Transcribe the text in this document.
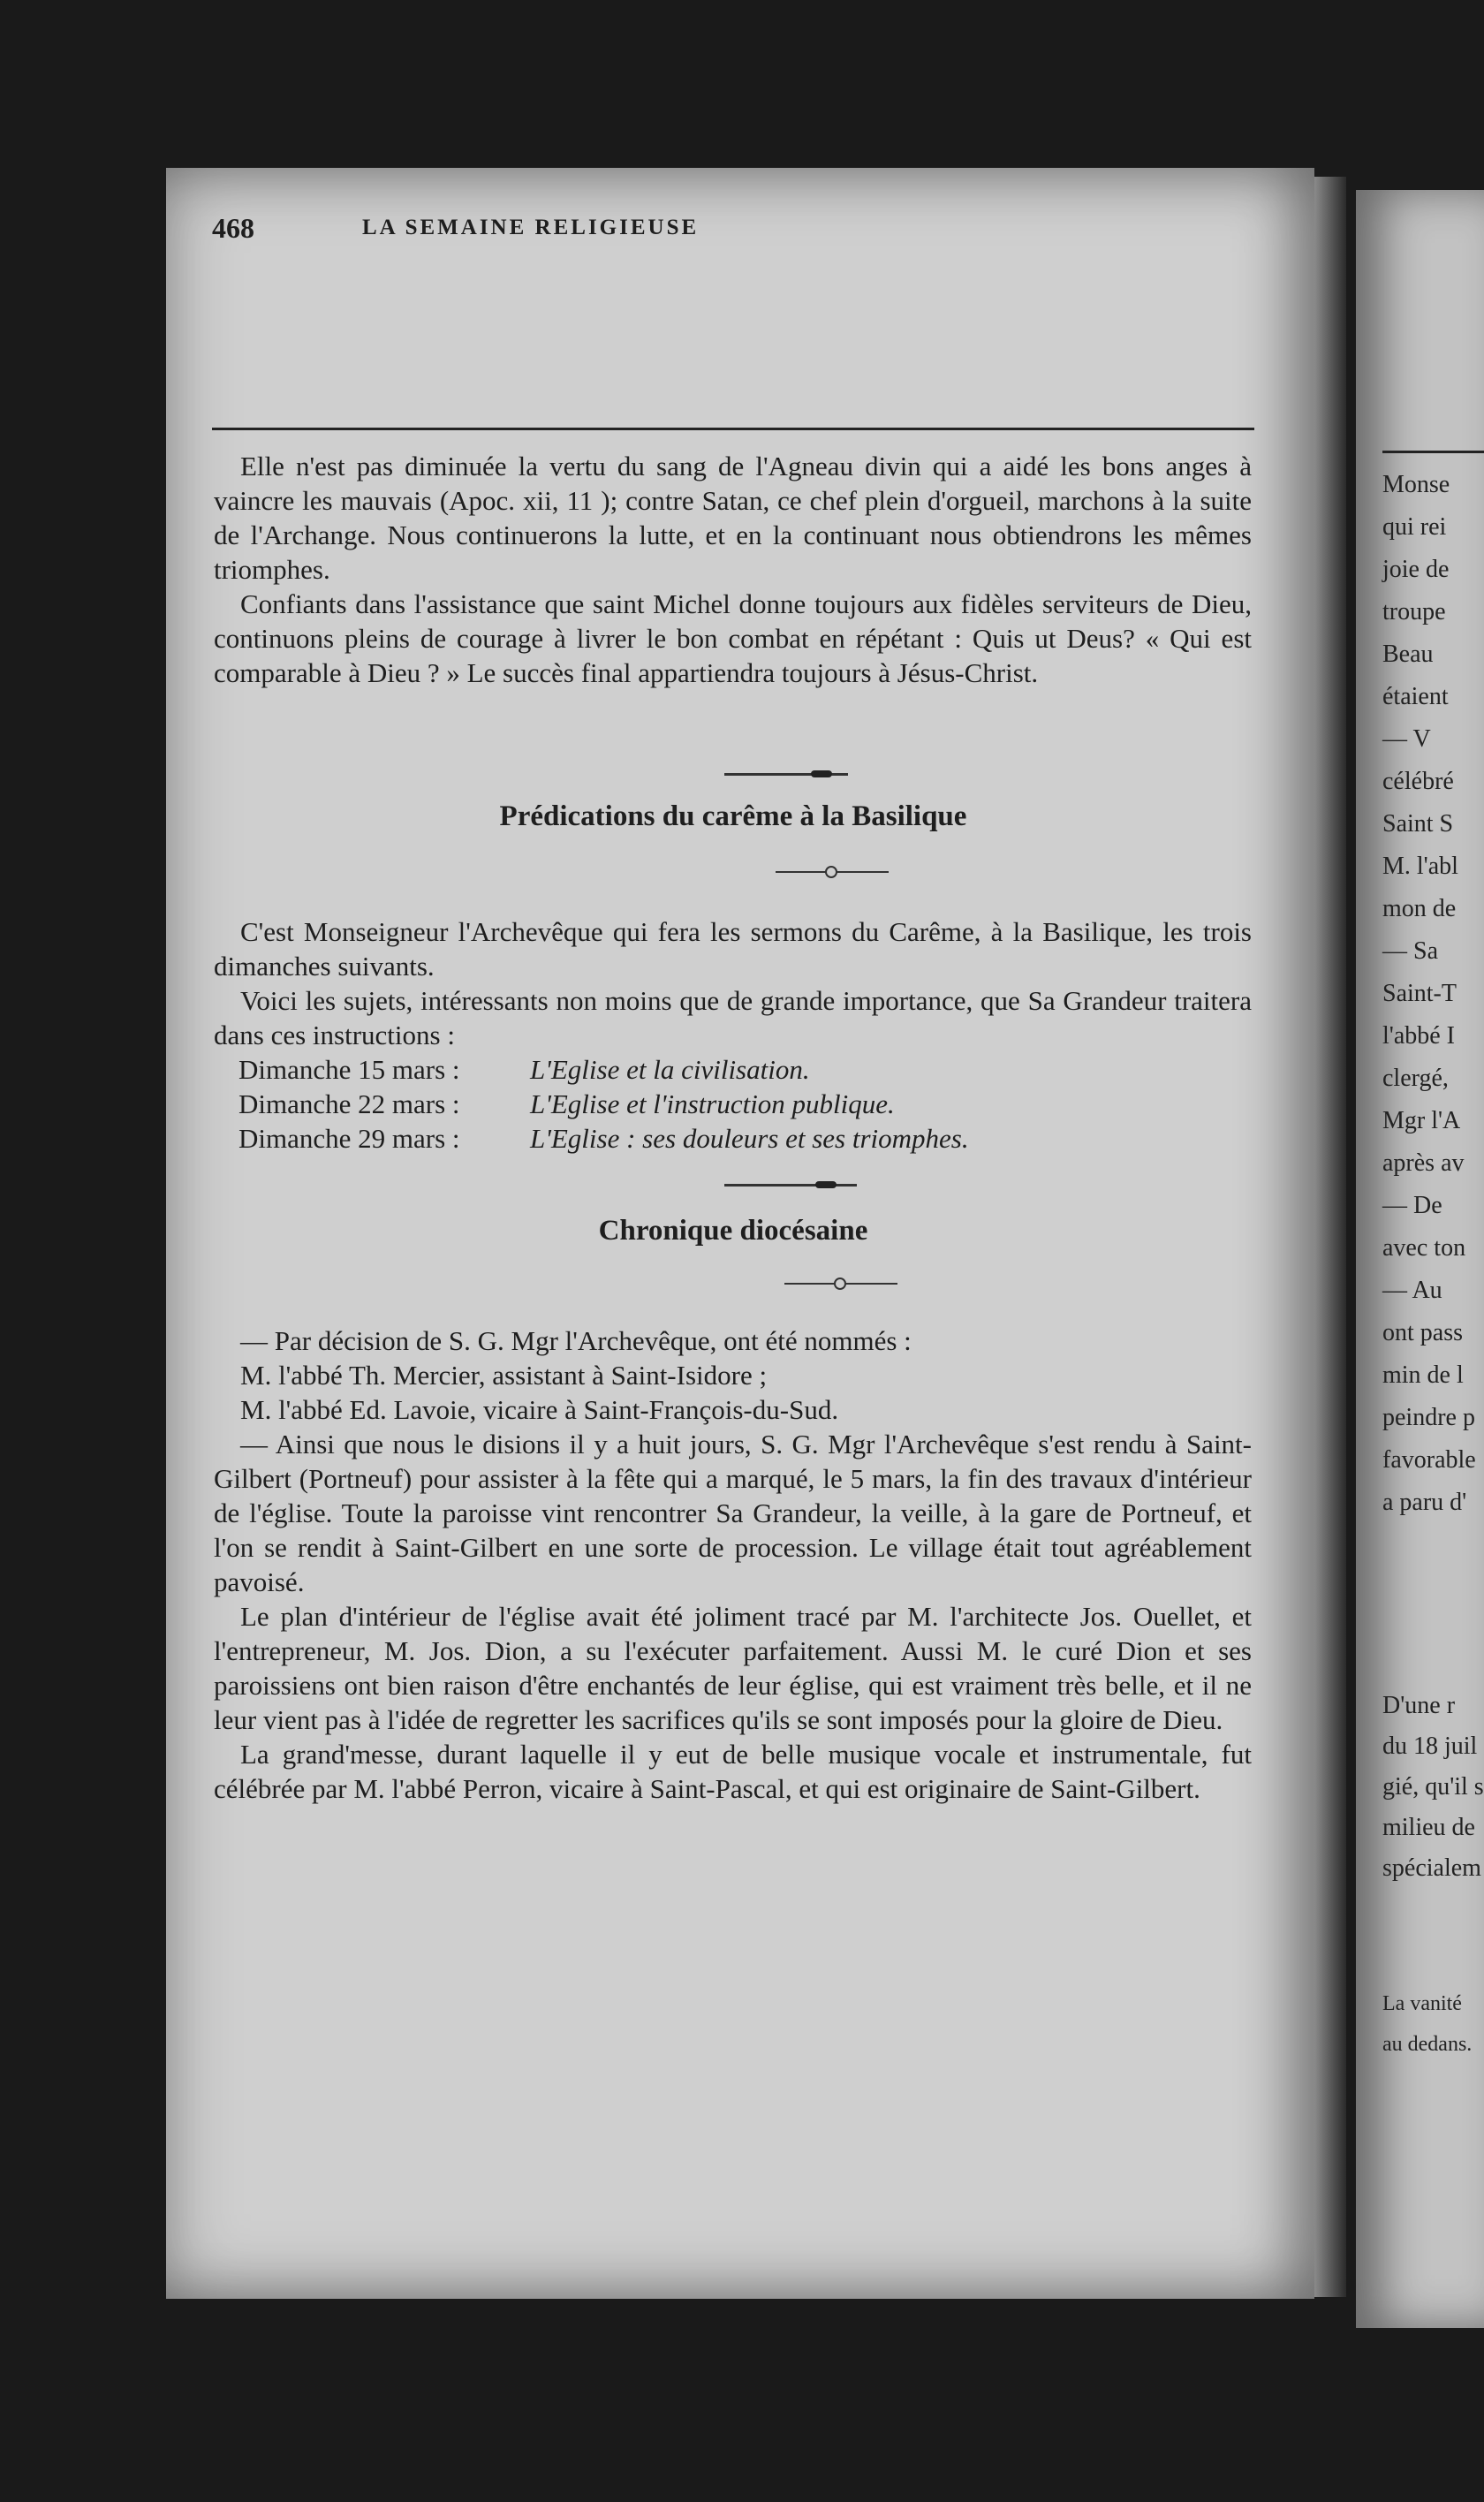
468	LA SEMAINE RELIGIEUSE

Elle n'est pas diminuée la vertu du sang de l'Agneau divin qui a aidé les bons anges à vaincre les mauvais (Apoc. xii, 11 ); contre Satan, ce chef plein d'orgueil, marchons à la suite de l'Archange. Nous continuerons la lutte, et en la continuant nous obtiendrons les mêmes triomphes.

Confiants dans l'assistance que saint Michel donne toujours aux fidèles serviteurs de Dieu, continuons pleins de courage à livrer le bon combat en répétant : Quis ut Deus? « Qui est comparable à Dieu ? » Le succès final appartiendra toujours à Jésus-Christ.

Prédications du carême à la Basilique

C'est Monseigneur l'Archevêque qui fera les sermons du Carême, à la Basilique, les trois dimanches suivants.

Voici les sujets, intéressants non moins que de grande importance, que Sa Grandeur traitera dans ces instructions :

Dimanche 15 mars :	L'Eglise et la civilisation.
Dimanche 22 mars :	L'Eglise et l'instruction publique.
Dimanche 29 mars :	L'Eglise : ses douleurs et ses triomphes.
Chronique diocésaine

— Par décision de S. G. Mgr l'Archevêque, ont été nommés :

M. l'abbé Th. Mercier, assistant à Saint-Isidore ;

M. l'abbé Ed. Lavoie, vicaire à Saint-François-du-Sud.

— Ainsi que nous le disions il y a huit jours, S. G. Mgr l'Archevêque s'est rendu à Saint-Gilbert (Portneuf) pour assister à la fête qui a marqué, le 5 mars, la fin des travaux d'intérieur de l'église. Toute la paroisse vint rencontrer Sa Grandeur, la veille, à la gare de Portneuf, et l'on se rendit à Saint-Gilbert en une sorte de procession. Le village était tout agréablement pavoisé.

Le plan d'intérieur de l'église avait été joliment tracé par M. l'architecte Jos. Ouellet, et l'entrepreneur, M. Jos. Dion, a su l'exécuter parfaitement. Aussi M. le curé Dion et ses paroissiens ont bien raison d'être enchantés de leur église, qui est vraiment très belle, et il ne leur vient pas à l'idée de regretter les sacrifices qu'ils se sont imposés pour la gloire de Dieu.

La grand'messe, durant laquelle il y eut de belle musique vocale et instrumentale, fut célébrée par M. l'abbé Perron, vicaire à Saint-Pascal, et qui est originaire de Saint-Gilbert.

Monse
qui rei
joie de
troupe
Beau
étaient
— V
célébré
Saint S
M. l'abl
mon de
— Sa
Saint-T
l'abbé I
clergé,
Mgr l'A
après av
— De
avec ton
— Au
ont pass
min de l
peindre p
favorable
a paru d'
D'une r
du 18 juil
gié, qu'il s
milieu de
spécialem
La vanité
au dedans.
